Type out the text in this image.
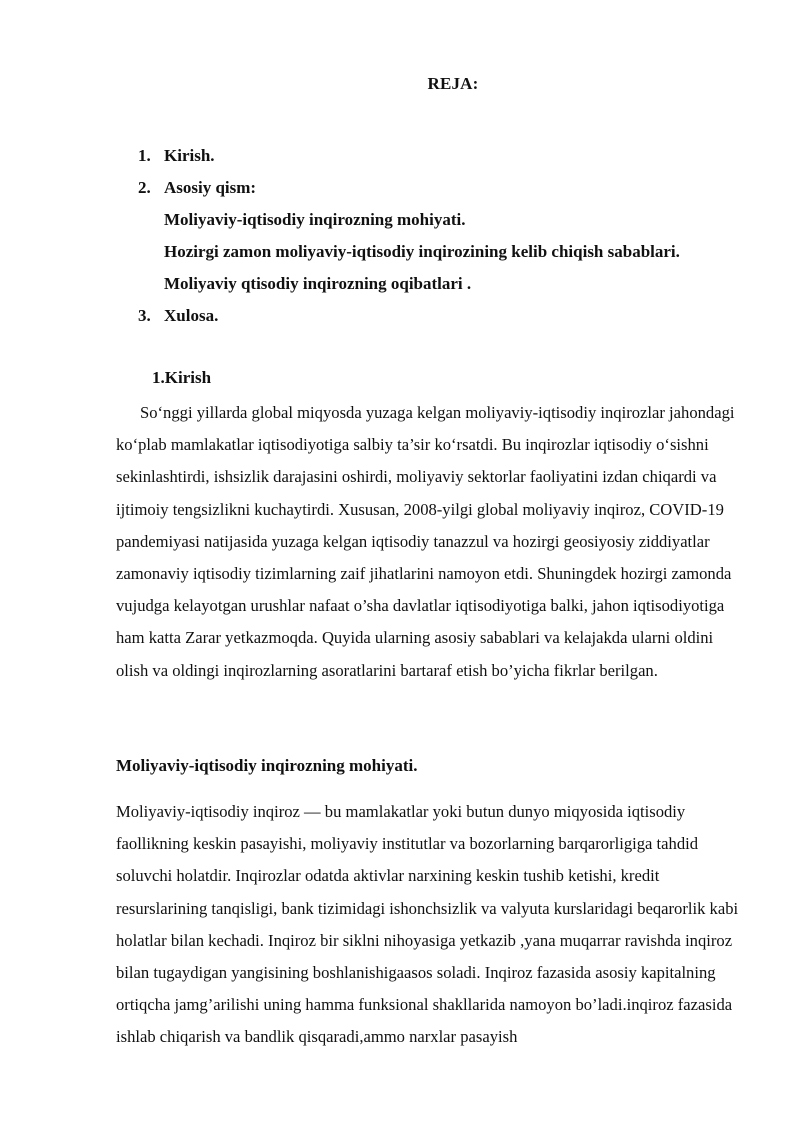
REJA:
1. Kirish.
2. Asosiy qism:
Moliyaviy-iqtisodiy inqirozning mohiyati.
Hozirgi zamon moliyaviy-iqtisodiy inqirozining kelib chiqish sabablari.
Moliyaviy qtisodiy inqirozning oqibatlari .
3. Xulosa.
1.Kirish
So‘nggi yillarda global miqyosda yuzaga kelgan moliyaviy-iqtisodiy inqirozlar jahondagi ko‘plab mamlakatlar iqtisodiyotiga salbiy ta’sir ko‘rsatdi. Bu inqirozlar iqtisodiy o‘sishni sekinlashtirdi, ishsizlik darajasini oshirdi, moliyaviy sektorlar faoliyatini izdan chiqardi va ijtimoiy tengsizlikni kuchaytirdi. Xususan, 2008-yilgi global moliyaviy inqiroz, COVID-19 pandemiyasi natijasida yuzaga kelgan iqtisodiy tanazzul va hozirgi geosiyosiy ziddiyatlar zamonaviy iqtisodiy tizimlarning zaif jihatlarini namoyon etdi. Shuningdek hozirgi zamonda vujudga kelayotgan urushlar nafaat o’sha davlatlar iqtisodiyotiga balki, jahon iqtisodiyotiga ham katta Zarar yetkazmoqda. Quyida ularning asosiy sabablari va kelajakda ularni oldini olish va oldingi inqirozlarning asoratlarini bartaraf etish bo’yicha fikrlar berilgan.
Moliyaviy-iqtisodiy inqirozning mohiyati.
Moliyaviy-iqtisodiy inqiroz — bu mamlakatlar yoki butun dunyo miqyosida iqtisodiy faollikning keskin pasayishi, moliyaviy institutlar va bozorlarning barqarorligiga tahdid soluvchi holatdir. Inqirozlar odatda aktivlar narxining keskin tushib ketishi, kredit resurslarining tanqisligi, bank tizimidagi ishonchsizlik va valyuta kurslaridagi beqarorlik kabi holatlar bilan kechadi. Inqiroz bir siklni nihoyasiga yetkazib ,yana muqarrar ravishda inqiroz bilan tugaydigan yangisining boshlanishigaasos soladi. Inqiroz fazasida asosiy kapitalning ortiqcha jamg’arilishi uning hamma funksional shakllarida namoyon bo’ladi.inqiroz fazasida ishlab chiqarish va bandlik qisqaradi,ammo narxlar pasayish
